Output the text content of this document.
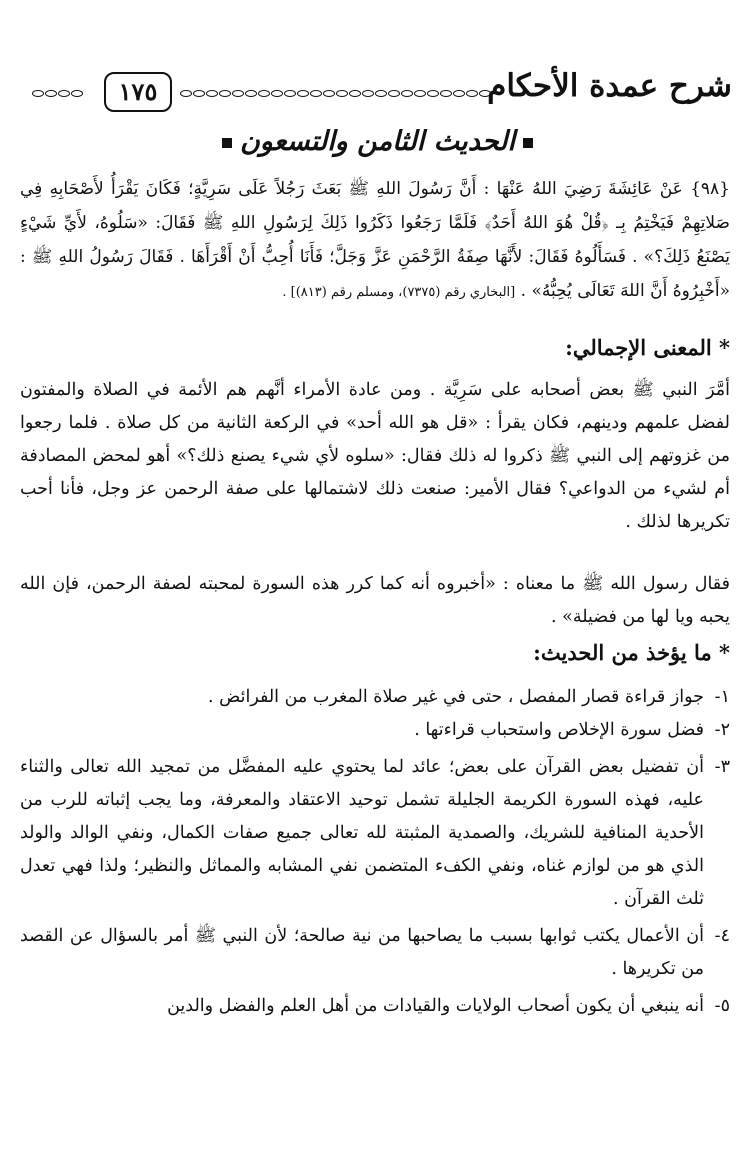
١٧٥	شرح عمدة الأحكام
الحديث الثامن والتسعون
{٩٨} عَنْ عَائِشَةَ رَضِيَ اللهُ عَنْهَا : أَنَّ رَسُولَ اللهِ ﷺ بَعَثَ رَجُلاً عَلَى سَرِيَّةٍ؛ فَكَانَ يَقْرَأُ لأَصْحَابِهِ فِي صَلاتِهِمْ فَيَخْتِمُ بِـ ﴿قُلْ هُوَ اللهُ أَحَدٌ﴾ فَلَمَّا رَجَعُوا ذَكَرُوا ذَلِكَ لِرَسُولِ اللهِ ﷺ فَقَالَ: «سَلُوهُ، لأَيِّ شَيْءٍ يَصْنَعُ ذَلِكَ؟» . فَسَأَلُوهُ فَقَالَ: لأَنَّهَا صِفَةُ الرَّحْمَنِ عَزَّ وَجَلَّ؛ فَأَنَا أُحِبُّ أَنْ أَقْرَأَهَا . فَقَالَ رَسُولُ اللهِ ﷺ : «أَخْبِرُوهُ أَنَّ اللهَ تَعَالَى يُحِبُّهُ» . [البخاري رقم (٧٣٧٥)، ومسلم رقم (٨١٣)] .
* المعنى الإجمالي:
أمَّرَ النبي ﷺ بعض أصحابه على سَرِيَّة . ومن عادة الأمراء أنَّهم هم الأئمة في الصلاة والمفتون لفضل علمهم ودينهم، فكان يقرأ : «قل هو الله أحد» في الركعة الثانية من كل صلاة . فلما رجعوا من غزوتهم إلى النبي ﷺ ذكروا له ذلك فقال: «سلوه لأي شيء يصنع ذلك؟» أهو لمحض المصادفة أم لشيء من الدواعي؟ فقال الأمير: صنعت ذلك لاشتمالها على صفة الرحمن عز وجل، فأنا أحب تكريرها لذلك .
فقال رسول الله ﷺ ما معناه : «أخبروه أنه كما كرر هذه السورة لمحبته لصفة الرحمن، فإن الله يحبه ويا لها من فضيلة» .
* ما يؤخذ من الحديث:
١-
جواز قراءة قصار المفصل ، حتى في غير صلاة المغرب من الفرائض .
٢-
فضل سورة الإخلاص واستحباب قراءتها .
٣-
أن تفضيل بعض القرآن على بعض؛ عائد لما يحتوي عليه المفضَّل من تمجيد الله تعالى والثناء عليه، فهذه السورة الكريمة الجليلة تشمل توحيد الاعتقاد والمعرفة، وما يجب إثباته للرب من الأحدية المنافية للشريك، والصمدية المثبتة لله تعالى جميع صفات الكمال، ونفي الوالد والولد الذي هو من لوازم غناه، ونفي الكفء المتضمن نفي المشابه والمماثل والنظير؛ ولذا فهي تعدل ثلث القرآن .
٤-
أن الأعمال يكتب ثوابها بسبب ما يصاحبها من نية صالحة؛ لأن النبي ﷺ أمر بالسؤال عن القصد من تكريرها .
٥-
أنه ينبغي أن يكون أصحاب الولايات والقيادات من أهل العلم والفضل والدين
